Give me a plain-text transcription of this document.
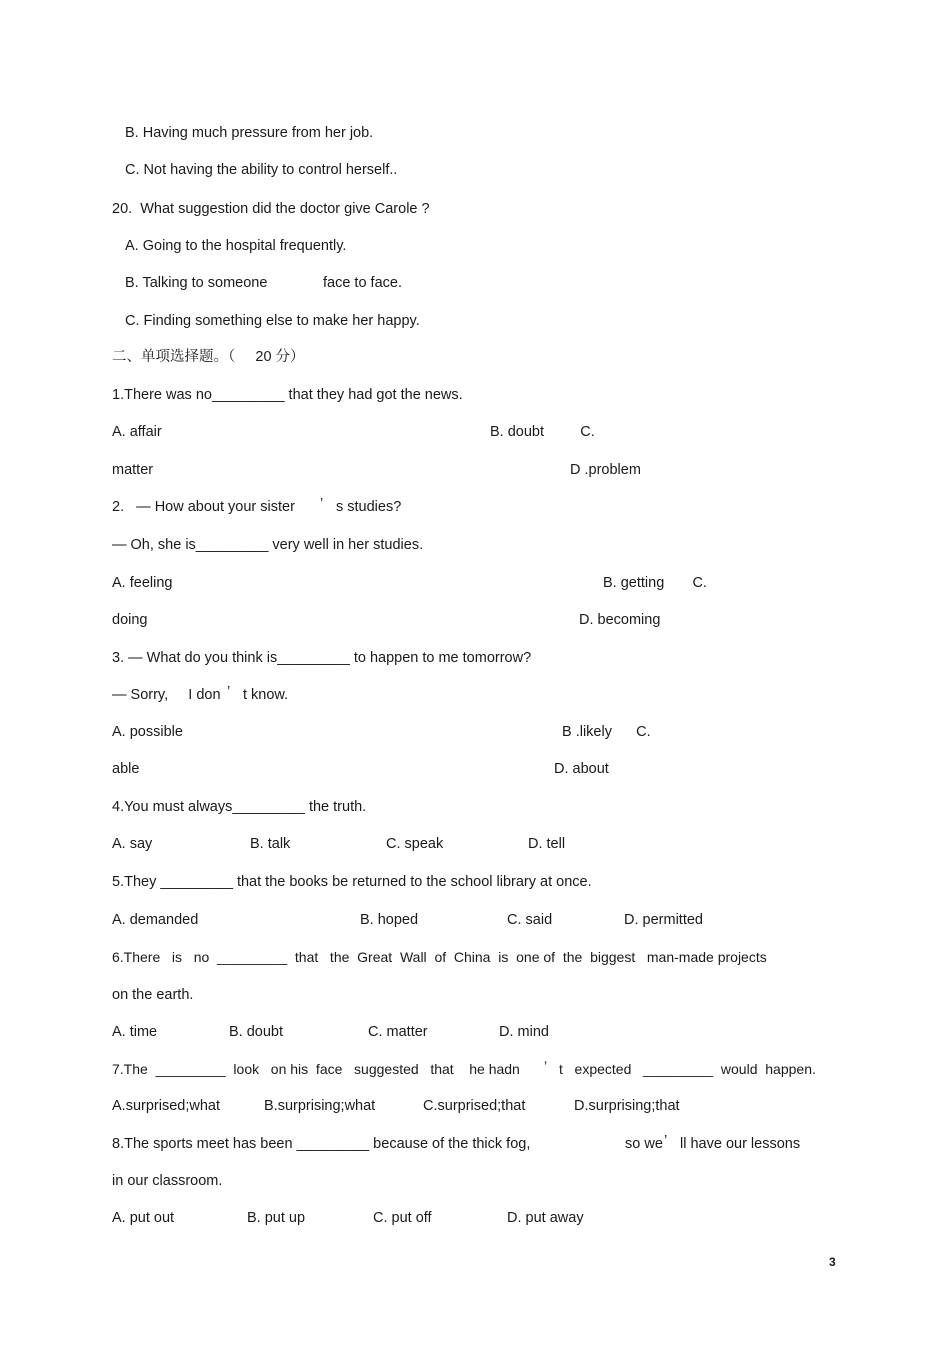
B. Having much pressure from her job.
C. Not having the ability to control herself..
20.  What suggestion did the doctor give Carole ?
A. Going to the hospital frequently.
B. Talking to someone	face to face.
C. Finding something else to make her happy.
二、单项选择题。（     20 分）
1.There was no_________ that they had got the news.
A. affair	B. doubt         C.
matter	D .problem
2.   — How about your sister ’ s studies?
— Oh, she is_________ very well in her studies.
A. feeling	B. getting       C.
doing	D. becoming
3. — What do you think is_________ to happen to me tomorrow?
— Sorry,     I don ’ t know.
A. possible	B .likely      C.
able	D. about
4.You must always_________ the truth.
A. say	B. talk	C. speak	D. tell
5.They _________ that the books be returned to the school library at once.
A. demanded	B. hoped	C. said	D. permitted
6.There   is   no  _________  that   the  Great  Wall  of  China  is  one of  the  biggest   man-made projects
on the earth.
A. time	B. doubt	C. matter	D. mind
7.The  _________  look   on his  face   suggested   that    he hadn ’ t   expected   _________  would  happen.
A.surprised;what	B.surprising;what	C.surprised;that	D.surprising;that
8.The sports meet has been _________ because of the thick fog,	so we ’ ll have our lessons
in our classroom.
A. put out	B. put up	C. put off	D. put away
3
